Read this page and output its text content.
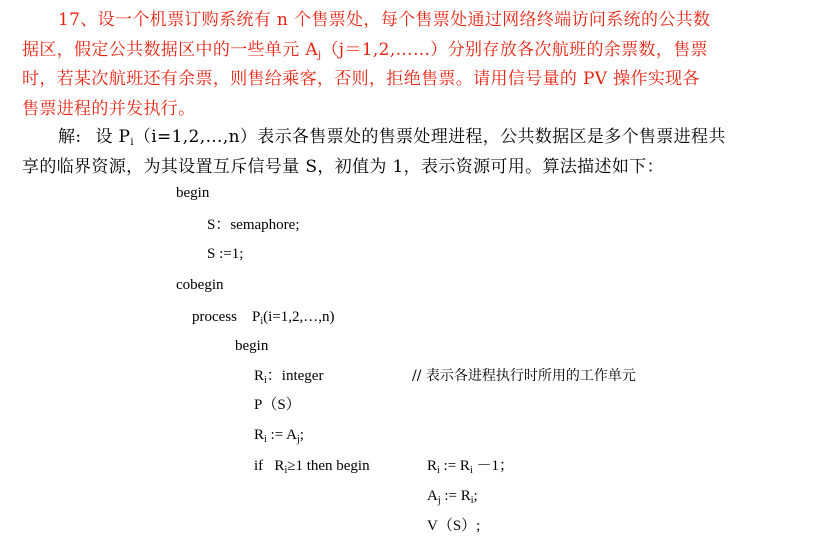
17、设一个机票订购系统有 n 个售票处，每个售票处通过网络终端访问系统的公共数
据区，假定公共数据区中的一些单元 $A_j(j=1,2,\dots\dots)$分别存放各次航班的余票数，售票
时，若某次航班还有余票，则售给乘客，否则，拒绝售票。请用信号量的 PV 操作实现各
售票进程的并发执行。
解: 设 $P_i(i=1,2,\dots,n)$表示各售票处的售票处理进程，公共数据区是多个售票进程共
享的临界资源，为其设置互斥信号量 S，初值为 1，表示资源可用。算法描述如下：
begin
S：semaphore;
S :=1;
cobegin
process $P_i(i=1,2,\dots,n)$
begin
$R_i$：integer	// 表示各进程执行时所用的工作单元
P（S）
$R_i$ := $A_j$;
if $R_i\ge 1$ then begin	$R_i$ := $R_i -1$；
$A_j$ := $R_i$;
V（S）;
